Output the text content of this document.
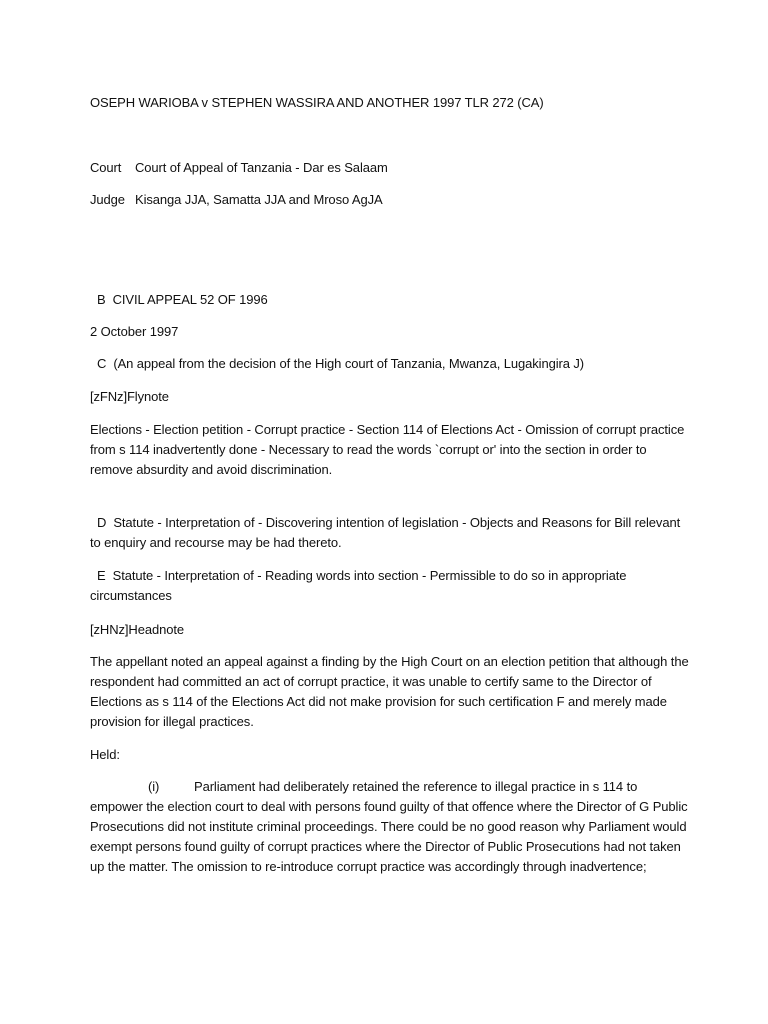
OSEPH WARIOBA v STEPHEN WASSIRA AND ANOTHER 1997 TLR 272 (CA)
Court Court of Appeal of Tanzania - Dar es Salaam
Judge Kisanga JJA, Samatta JJA and Mroso AgJA
B  CIVIL APPEAL 52 OF 1996
2 October 1997
C  (An appeal from the decision of the High court of Tanzania, Mwanza, Lugakingira J)
[zFNz]Flynote
Elections - Election petition - Corrupt practice - Section 114 of Elections Act - Omission of corrupt practice from s 114 inadvertently done - Necessary to read the words `corrupt or' into the section in order to remove absurdity and avoid discrimination.
D  Statute - Interpretation of - Discovering intention of legislation - Objects and Reasons for Bill relevant to enquiry and recourse may be had thereto.
E  Statute - Interpretation of - Reading words into section - Permissible to do so in appropriate circumstances
[zHNz]Headnote
The appellant noted an appeal against a finding by the High Court on an election petition that although the respondent had committed an act of corrupt practice, it was unable to certify same to the Director of Elections as s 114 of the Elections Act did not make provision for such certification F and merely made provision for illegal practices.
Held:
(i)	Parliament had deliberately retained the reference to illegal practice in s 114 to empower the election court to deal with persons found guilty of that offence where the Director of G Public Prosecutions did not institute criminal proceedings. There could be no good reason why Parliament would exempt persons found guilty of corrupt practices where the Director of Public Prosecutions had not taken up the matter. The omission to re-introduce corrupt practice was accordingly through inadvertence;
